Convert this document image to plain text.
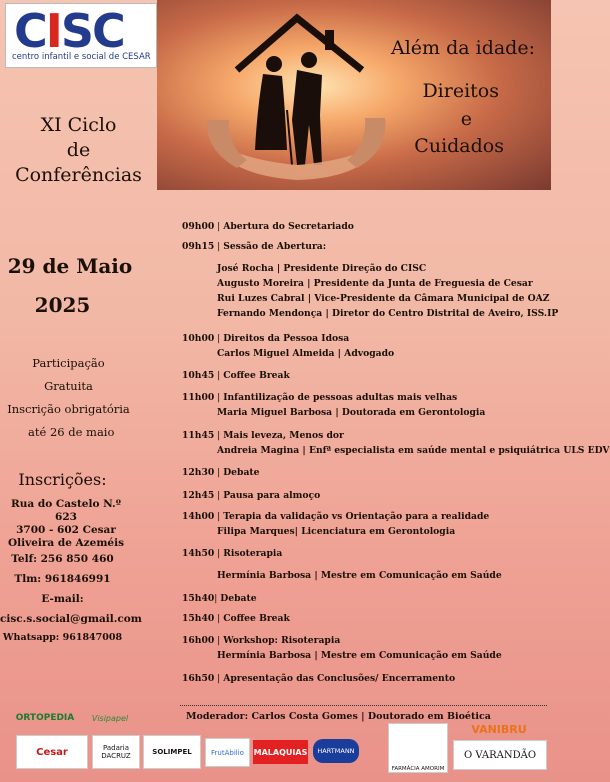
CISC
centro infantil e social de CESAR	Além da idade:
Direitos
e
Cuidados
XI Ciclo
de
Conferências
29 de Maio
2025
Participação
Gratuita
Inscrição obrigatória
até 26 de maio
Inscrições:
Rua do Castelo N.º 623
3700 - 602 Cesar
Oliveira de Azeméis
Telf: 256 850 460
Tlm: 961846991
E-mail:
cisc.s.social@gmail.com
Whatsapp: 961847008
09h00 | Abertura do Secretariado
09h15 | Sessão de Abertura:
José Rocha | Presidente Direção do CISC
Augusto Moreira | Presidente da Junta de Freguesia de Cesar
Rui Luzes Cabral | Vice-Presidente da Câmara Municipal de OAZ
Fernando Mendonça | Diretor do Centro Distrital de Aveiro, ISS.IP
10h00 | Direitos da Pessoa Idosa
Carlos Miguel Almeida | Advogado
10h45 | Coffee Break
11h00 | Infantilização de pessoas adultas mais velhas
Maria Miguel Barbosa | Doutorada em Gerontologia
11h45 | Mais leveza, Menos dor
Andreia Magina | Enfª especialista em saúde mental e psiquiátrica ULS EDV
12h30 | Debate
12h45 | Pausa para almoço
14h00 | Terapia da validação vs Orientação para a realidade
Filipa Marques| Licenciatura em Gerontologia
14h50 | Risoterapia
Hermínia Barbosa | Mestre em Comunicação em Saúde
15h40| Debate
15h40 | Coffee Break
16h00 | Workshop: Risoterapia
Hermínia Barbosa | Mestre em Comunicação em Saúde
16h50 | Apresentação das Conclusões/ Encerramento
Moderador: Carlos Costa Gomes | Doutorado em Bioética
ORTOPEDIA	Visipapel
Cesar	Padaria DACRUZ	SOLIMPEL	FrutAbilio	MALAQUIAS	HARTMANN
FARMÁCIA AMORIM
VANIBRU
O VARANDÃO
